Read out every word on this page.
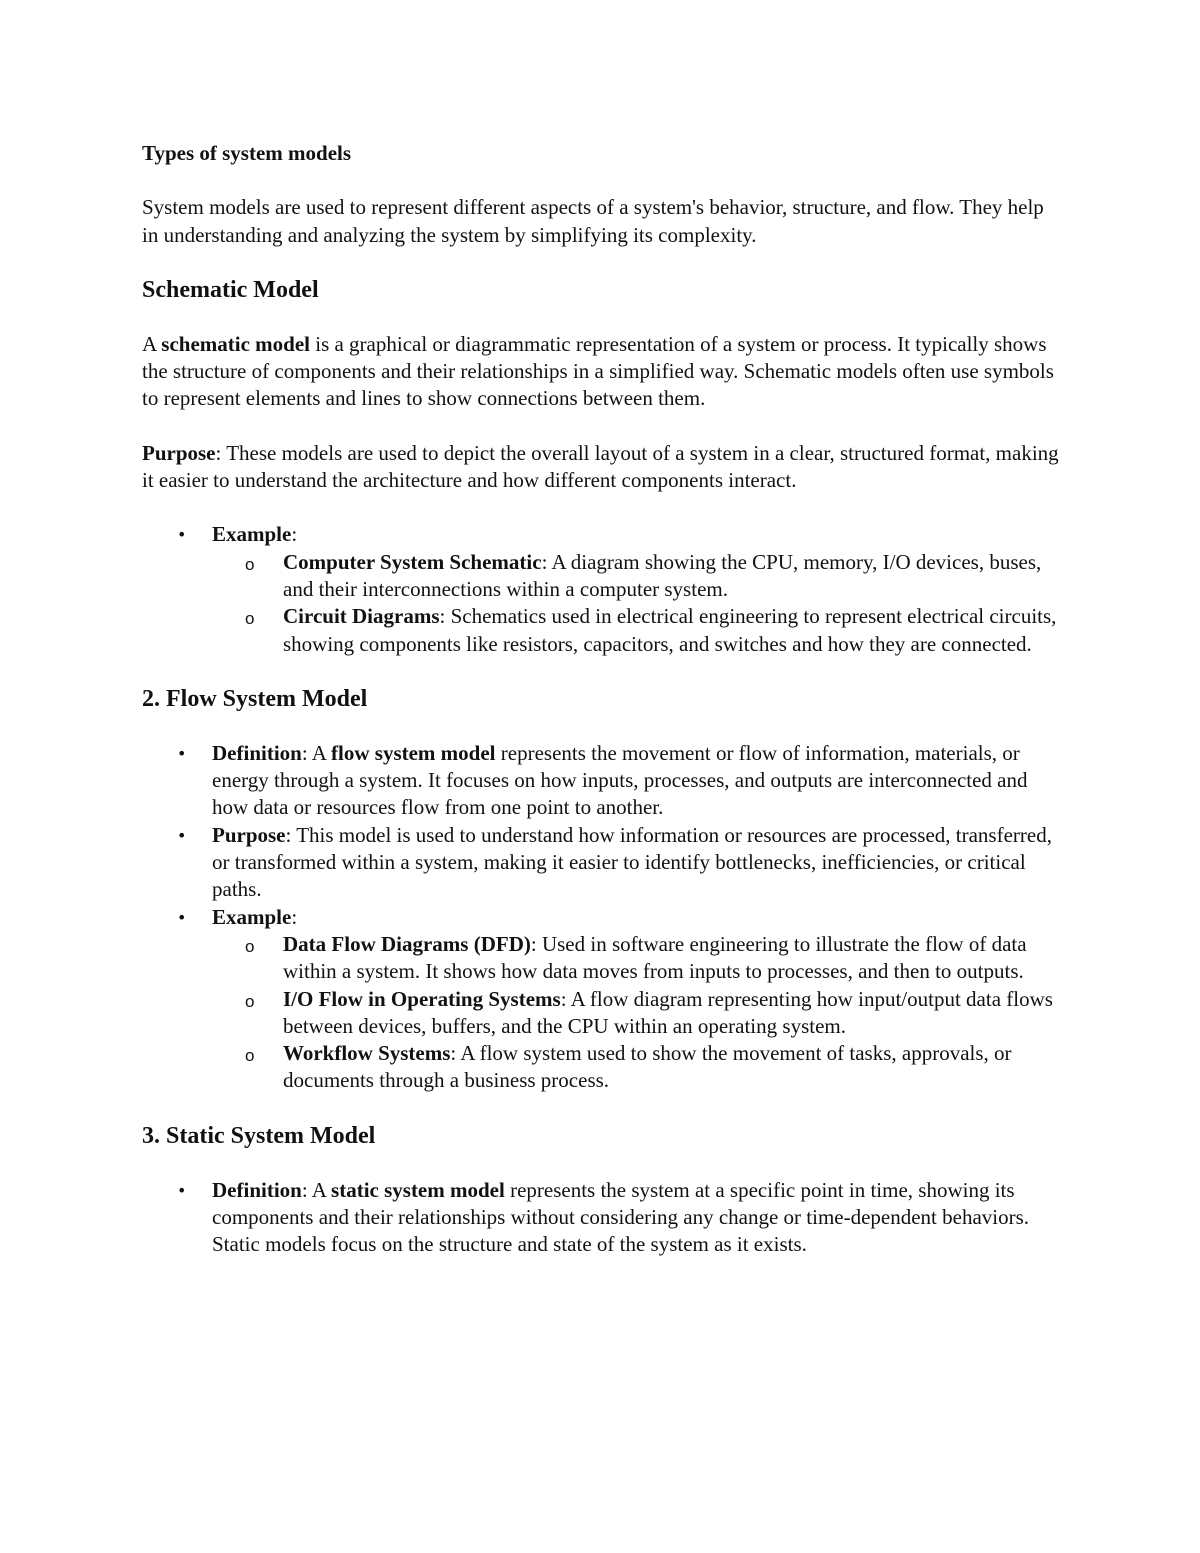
Types of system models

System models are used to represent different aspects of a system's behavior, structure, and flow. They help in understanding and analyzing the system by simplifying its complexity.

Schematic Model

A schematic model is a graphical or diagrammatic representation of a system or process. It typically shows the structure of components and their relationships in a simplified way. Schematic models often use symbols to represent elements and lines to show connections between them.

Purpose: These models are used to depict the overall layout of a system in a clear, structured format, making it easier to understand the architecture and how different components interact.

• Example:
o Computer System Schematic: A diagram showing the CPU, memory, I/O devices, buses, and their interconnections within a computer system.
o Circuit Diagrams: Schematics used in electrical engineering to represent electrical circuits, showing components like resistors, capacitors, and switches and how they are connected.
2. Flow System Model
• Definition: A flow system model represents the movement or flow of information, materials, or energy through a system. It focuses on how inputs, processes, and outputs are interconnected and how data or resources flow from one point to another.
• Purpose: This model is used to understand how information or resources are processed, transferred, or transformed within a system, making it easier to identify bottlenecks, inefficiencies, or critical paths.
• Example:
o Data Flow Diagrams (DFD): Used in software engineering to illustrate the flow of data within a system. It shows how data moves from inputs to processes, and then to outputs.
o I/O Flow in Operating Systems: A flow diagram representing how input/output data flows between devices, buffers, and the CPU within an operating system.
o Workflow Systems: A flow system used to show the movement of tasks, approvals, or documents through a business process.
3. Static System Model
• Definition: A static system model represents the system at a specific point in time, showing its components and their relationships without considering any change or time-dependent behaviors. Static models focus on the structure and state of the system as it exists.
